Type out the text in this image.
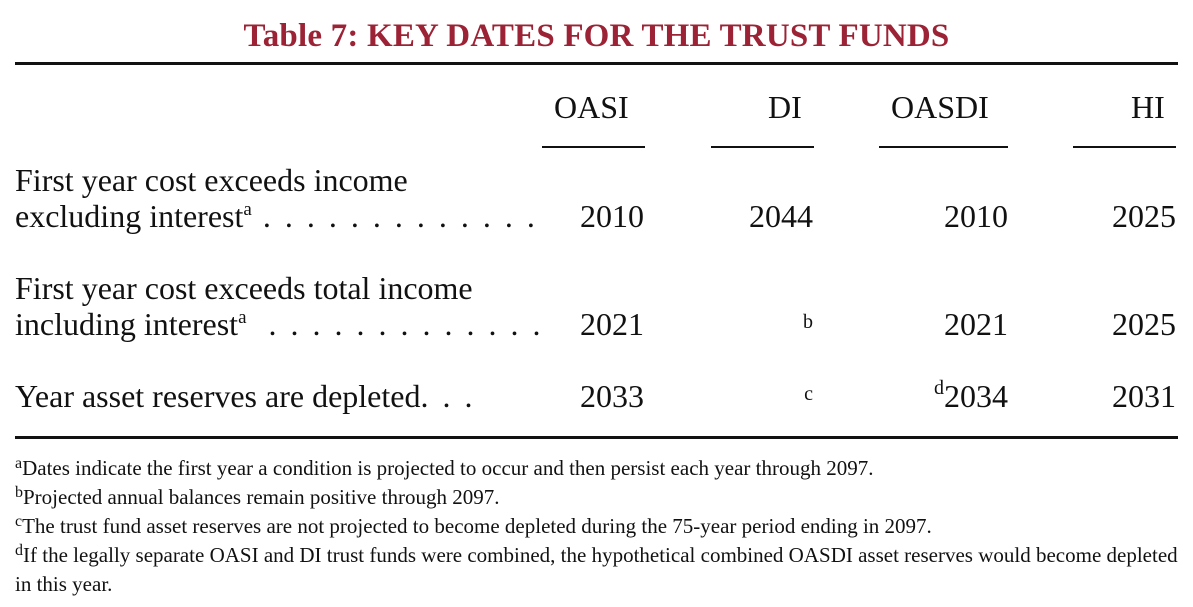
Table 7: KEY DATES FOR THE TRUST FUNDS
OASI	DI	OASDI	HI
First year cost exceeds income
excluding interest$^a$ . . . . . . . . . . . . . 2010	2044	2010	2025
First year cost exceeds total income
including interest$^a$  . . . . . . . . . . . . . 2021	b	2021	2025
Year asset reserves are depleted. . .	2033	c	$^d$2034	2031
$^a$Dates indicate the first year a condition is projected to occur and then persist each year through 2097.
$^b$Projected annual balances remain positive through 2097.
$^c$The trust fund asset reserves are not projected to become depleted during the 75-year period ending in 2097.
$^d$If the legally separate OASI and DI trust funds were combined, the hypothetical combined OASDI asset reserves would become depleted in this year.
